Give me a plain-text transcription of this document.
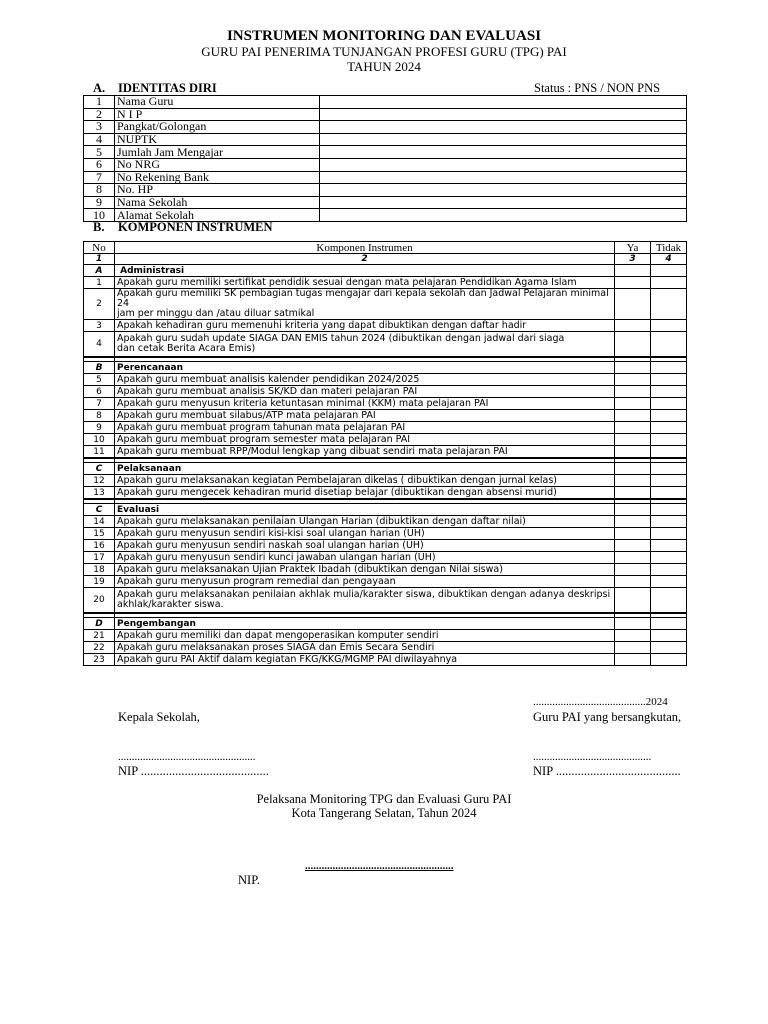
INSTRUMEN MONITORING DAN EVALUASI
GURU PAI PENERIMA TUNJANGAN PROFESI GURU (TPG) PAI
TAHUN 2024
A. IDENTITAS DIRI	Status : PNS / NON PNS
1	Nama Guru	
2	N I P	
3	Pangkat/Golongan	
4	NUPTK	
5	Jumlah Jam Mengajar	
6	No NRG	
7	No Rekening Bank	
8	No. HP	
9	Nama Sekolah	
10	Alamat Sekolah	
B. KOMPONEN INSTRUMEN
No	Komponen Instrumen	Ya	Tidak
1	2	3	4
A	Administrasi		
1	Apakah guru memiliki sertifikat pendidik sesuai dengan mata pelajaran Pendidikan Agama Islam		
2	Apakah guru memiliki SK pembagian tugas mengajar dari kepala sekolah dan Jadwal Pelajaran minimal 24
jam per minggu dan /atau diluar satmikal		
3	Apakah kehadiran guru memenuhi kriteria yang dapat dibuktikan dengan daftar hadir		
4	Apakah guru sudah update SIAGA DAN EMIS tahun 2024 (dibuktikan dengan jadwal dari siaga
dan cetak Berita Acara Emis)		

B	Perencanaan		
5	Apakah guru membuat analisis kalender pendidikan 2024/2025		
6	Apakah guru membuat analisis SK/KD dan materi pelajaran PAI		
7	Apakah guru menyusun kriteria ketuntasan minimal (KKM) mata pelajaran PAI		
8	Apakah guru membuat silabus/ATP mata pelajaran PAI		
9	Apakah guru membuat program tahunan mata pelajaran PAI		
10	Apakah guru membuat program semester mata pelajaran PAI		
11	Apakah guru membuat RPP/Modul lengkap yang dibuat sendiri mata pelajaran PAI		

C	Pelaksanaan		
12	Apakah guru melaksanakan kegiatan Pembelajaran dikelas ( dibuktikan dengan jurnal kelas)		
13	Apakah guru mengecek kehadiran murid disetiap belajar (dibuktikan dengan absensi murid)		

C	Evaluasi		
14	Apakah guru melaksanakan penilaian Ulangan Harian (dibuktikan dengan daftar nilai)		
15	Apakah guru menyusun sendiri kisi-kisi soal ulangan harian (UH)		
16	Apakah guru menyusun sendiri naskah soal ulangan harian (UH)		
17	Apakah guru menyusun sendiri kunci jawaban ulangan harian (UH)		
18	Apakah guru melaksanakan Ujian Praktek Ibadah (dibuktikan dengan Nilai siswa)		
19	Apakah guru menyusun program remedial dan pengayaan		
20	Apakah guru melaksanakan penilaian akhlak mulia/karakter siswa, dibuktikan dengan adanya deskripsi
akhlak/karakter siswa.		

D	Pengembangan		
21	Apakah guru memiliki dan dapat mengoperasikan komputer sendiri		
22	Apakah guru melaksanakan proses SIAGA dan Emis Secara Sendiri		
23	Apakah guru PAI Aktif dalam kegiatan FKG/KKG/MGMP PAI diwilayahnya		
.........................................2024
Kepala Sekolah,	Guru PAI yang bersangkutan,
..................................................	...........................................
NIP .........................................	NIP ........................................
Pelaksana Monitoring TPG dan Evaluasi Guru PAI
Kota Tangerang Selatan, Tahun 2024
......................................................
NIP.
